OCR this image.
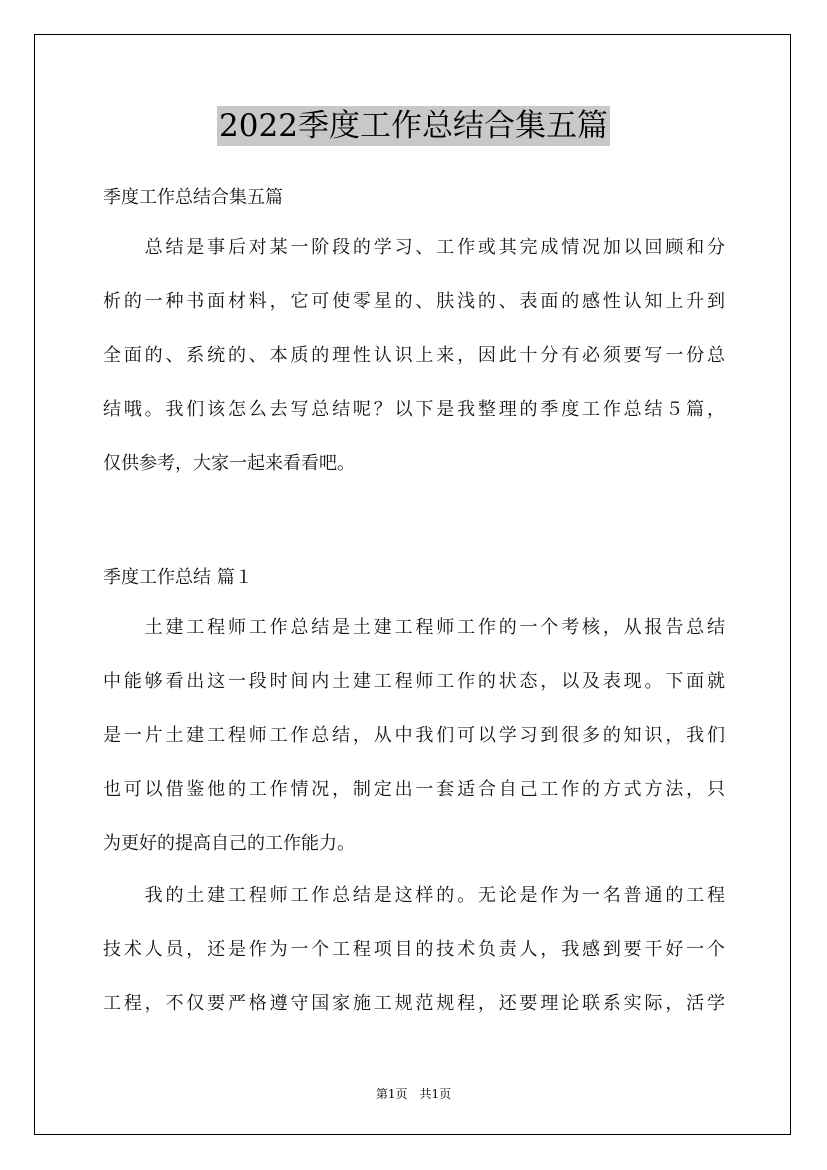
2022季度工作总结合集五篇
季度工作总结合集五篇
　　总结是事后对某一阶段的学习、工作或其完成情况加以回顾和分
析的一种书面材料，它可使零星的、肤浅的、表面的感性认知上升到
全面的、系统的、本质的理性认识上来，因此十分有必须要写一份总
结哦。我们该怎么去写总结呢？以下是我整理的季度工作总结５篇，
仅供参考，大家一起来看看吧。
季度工作总结 篇１
　　土建工程师工作总结是土建工程师工作的一个考核，从报告总结
中能够看出这一段时间内土建工程师工作的状态，以及表现。下面就
是一片土建工程师工作总结，从中我们可以学习到很多的知识，我们
也可以借鉴他的工作情况，制定出一套适合自己工作的方式方法，只
为更好的提高自己的工作能力。
　　我的土建工程师工作总结是这样的。无论是作为一名普通的工程
技术人员，还是作为一个工程项目的技术负责人，我感到要干好一个
工程，不仅要严格遵守国家施工规范规程，还要理论联系实际，活学
第1页　共1页
